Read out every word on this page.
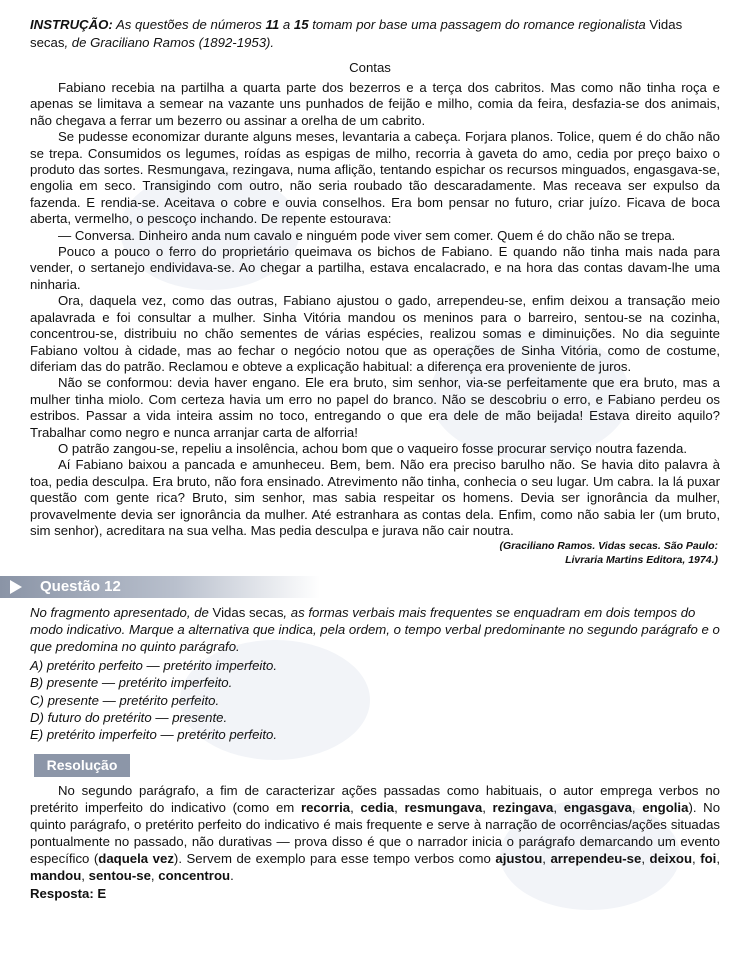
INSTRUÇÃO: As questões de números 11 a 15 tomam por base uma passagem do romance regionalista Vidas secas, de Graciliano Ramos (1892-1953).
Contas

Fabiano recebia na partilha a quarta parte dos bezerros e a terça dos cabritos. Mas como não tinha roça e apenas se limitava a semear na vazante uns punhados de feijão e milho, comia da feira, desfazia-se dos animais, não chegava a ferrar um bezerro ou assinar a orelha de um cabrito.

Se pudesse economizar durante alguns meses, levantaria a cabeça. Forjara planos. Tolice, quem é do chão não se trepa. Consumidos os legumes, roídas as espigas de milho, recorria à gaveta do amo, cedia por preço baixo o produto das sortes. Resmungava, rezingava, numa aflição, tentando espichar os recursos minguados, engasgava-se, engolia em seco. Transigindo com outro, não seria roubado tão descaradamente. Mas receava ser expulso da fazenda. E rendia-se. Aceitava o cobre e ouvia conselhos. Era bom pensar no futuro, criar juízo. Ficava de boca aberta, vermelho, o pescoço inchando. De repente estourava:

— Conversa. Dinheiro anda num cavalo e ninguém pode viver sem comer. Quem é do chão não se trepa.

Pouco a pouco o ferro do proprietário queimava os bichos de Fabiano. E quando não tinha mais nada para vender, o sertanejo endividava-se. Ao chegar a partilha, estava encalacrado, e na hora das contas davam-lhe uma ninharia.

Ora, daquela vez, como das outras, Fabiano ajustou o gado, arrependeu-se, enfim deixou a transação meio apalavrada e foi consultar a mulher. Sinha Vitória mandou os meninos para o barreiro, sentou-se na cozinha, concentrou-se, distribuiu no chão sementes de várias espécies, realizou somas e diminuições. No dia seguinte Fabiano voltou à cidade, mas ao fechar o negócio notou que as operações de Sinha Vitória, como de costume, diferiam das do patrão. Reclamou e obteve a explicação habitual: a diferença era proveniente de juros.

Não se conformou: devia haver engano. Ele era bruto, sim senhor, via-se perfeitamente que era bruto, mas a mulher tinha miolo. Com certeza havia um erro no papel do branco. Não se descobriu o erro, e Fabiano perdeu os estribos. Passar a vida inteira assim no toco, entregando o que era dele de mão beijada! Estava direito aquilo? Trabalhar como negro e nunca arranjar carta de alforria!

O patrão zangou-se, repeliu a insolência, achou bom que o vaqueiro fosse procurar serviço noutra fazenda.

Aí Fabiano baixou a pancada e amunheceu. Bem, bem. Não era preciso barulho não. Se havia dito palavra à toa, pedia desculpa. Era bruto, não fora ensinado. Atrevimento não tinha, conhecia o seu lugar. Um cabra. Ia lá puxar questão com gente rica? Bruto, sim senhor, mas sabia respeitar os homens. Devia ser ignorância da mulher, provavelmente devia ser ignorância da mulher. Até estranhara as contas dela. Enfim, como não sabia ler (um bruto, sim senhor), acreditara na sua velha. Mas pedia desculpa e jurava não cair noutra.

(Graciliano Ramos. Vidas secas. São Paulo:
Livraria Martins Editora, 1974.)
Questão 12
No fragmento apresentado, de Vidas secas, as formas verbais mais frequentes se enquadram em dois tempos do modo indicativo. Marque a alternativa que indica, pela ordem, o tempo verbal predominante no segundo parágrafo e o que predomina no quinto parágrafo.
A) pretérito perfeito — pretérito imperfeito.
B) presente — pretérito imperfeito.
C) presente — pretérito perfeito.
D) futuro do pretérito — presente.
E) pretérito imperfeito — pretérito perfeito.
Resolução

No segundo parágrafo, a fim de caracterizar ações passadas como habituais, o autor emprega verbos no pretérito imperfeito do indicativo (como em recorria, cedia, resmungava, rezingava, engasgava, engolia). No quinto parágrafo, o pretérito perfeito do indicativo é mais frequente e serve à narração de ocorrências/ações situadas pontualmente no passado, não durativas — prova disso é que o narrador inicia o parágrafo demarcando um evento específico (daquela vez). Servem de exemplo para esse tempo verbos como ajustou, arrependeu-se, deixou, foi, mandou, sentou-se, concentrou.

Resposta: E
